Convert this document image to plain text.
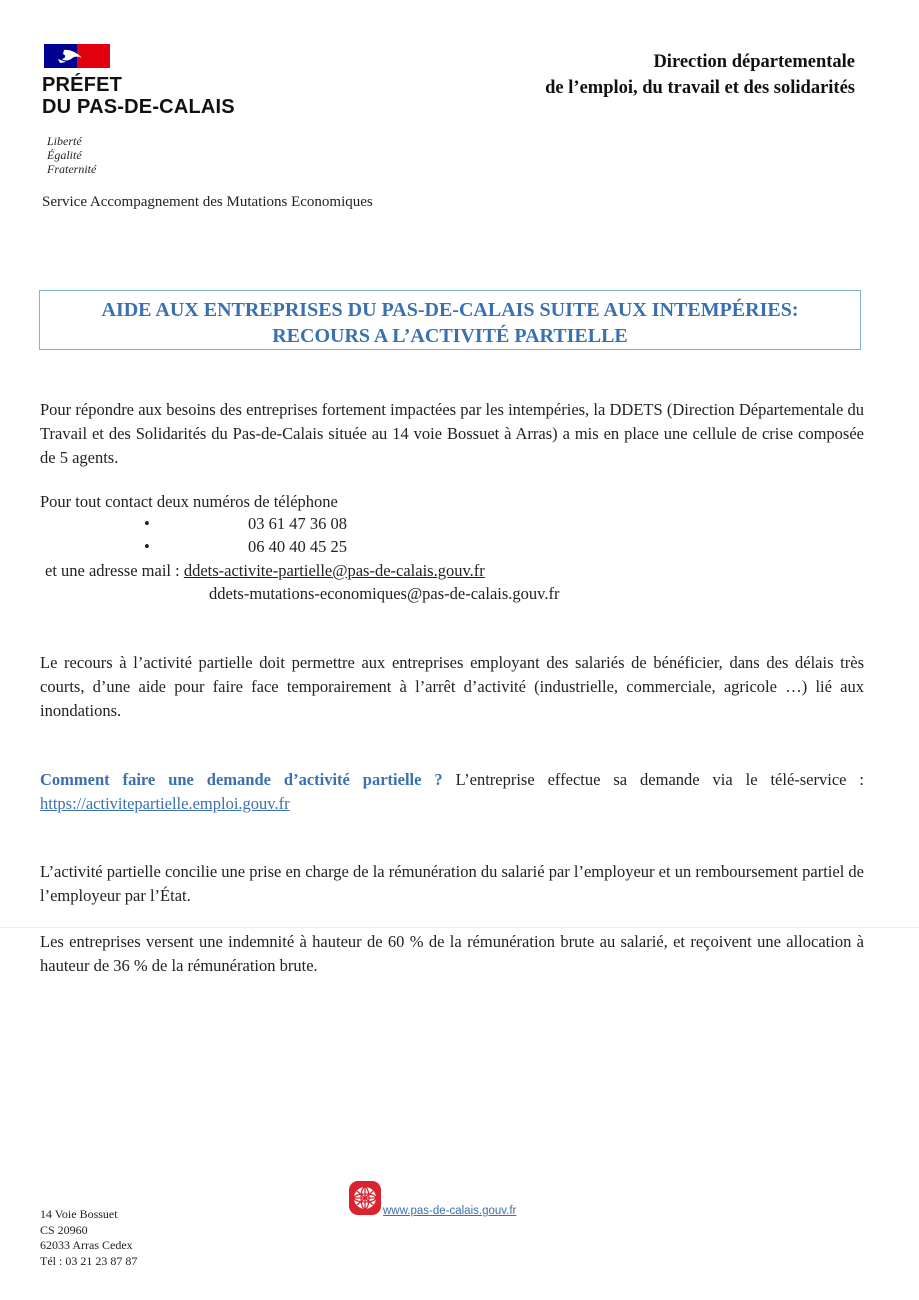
PRÉFET
DU PAS-DE-CALAIS
Liberté
Égalité
Fraternité
Service Accompagnement des Mutations Economiques
Direction départementale
de l’emploi, du travail et des solidarités
AIDE AUX ENTREPRISES DU PAS-DE-CALAIS SUITE AUX INTEMPÉRIES:
RECOURS A L’ACTIVITÉ PARTIELLE
Pour répondre aux besoins des entreprises fortement impactées par les intempéries, la DDETS (Direction Départementale du Travail et des Solidarités du Pas-de-Calais située au 14 voie Bossuet à Arras) a mis en place une cellule de crise composée de 5 agents.
Pour tout contact deux numéros de téléphone
•	03 61 47 36 08
•	06 40 40 45 25
et une adresse mail : ddets-activite-partielle@pas-de-calais.gouv.fr
ddets-mutations-economiques@pas-de-calais.gouv.fr
Le recours à l’activité partielle doit permettre aux entreprises employant des salariés de bénéficier, dans des délais très courts, d’une aide pour faire face temporairement à l’arrêt d’activité (industrielle, commerciale, agricole …) lié aux inondations.
Comment faire une demande d’activité partielle ? L’entreprise effectue sa demande via le télé-service : https://activitepartielle.emploi.gouv.fr
L’activité partielle concilie une prise en charge de la rémunération du salarié par l’employeur et un remboursement partiel de l’employeur par l’État.
Les entreprises versent une indemnité à hauteur de 60 % de la rémunération brute au salarié, et reçoivent une allocation à hauteur de 36 % de la rémunération brute.
14 Voie Bossuet
CS 20960
62033 Arras Cedex
Tél : 03 21 23 87 87
www.pas-de-calais.gouv.fr
